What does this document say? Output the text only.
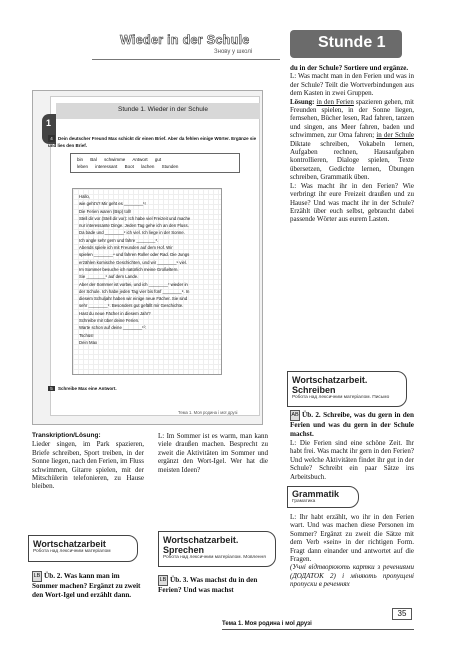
Wieder in der Schule
Знову у школі
Stunde 1
1
Stunde 1. Wieder in der Schule
4 Dein deutscher Freund Max schickt dir einen Brief. Aber da fehlen einige Wörter. Ergänze sie und lies den Brief.
bin Bal schwimme Antwort gut
leben interessant Boot lachen Stunden
Hallo,
wie geht's? Mir geht es ________¹!
Die Ferien waren (Bsp) toll!
Stell dir vor (Stell dir vor): Ich habe viel Freizeit und mache
nur interessante Dinge. Jeden Tag gehe ich an den Fluss.
Da bade und ________² ich viel. Ich liege in der Sonne.
Ich angle sehr gern und fahre ________³.
Abends spiele ich mit Freunden auf dem Hof. Wir
spielen ________⁴ und fahren Roller oder Rad. Die Jungs
erzählen komische Geschichten, und wir ________⁵ viel.
Im Sommer besuche ich natürlich meine Großeltern.
Sie ________⁶ auf dem Lande.
Aber der Sommer ist vorbei, und ich ________⁷ wieder in
der Schule. Ich habe jeden Tag vier bis fünf ________⁸. In
diesem Schuljahr haben wir einige neue Fächer. Sie sind
sehr ________⁹. Besonders gut gefällt mir Geschichte.
Hast du neue Fächer in diesem Jahr?
Schreibe mir über deine Ferien.
Warte schon auf deine ________¹⁰.
Tschüs!
Dein Max
5 Schreibe Max eine Antwort.
Тема 1. Моя родина і мої друзі
Transkription/Lösung:
Lieder singen, im Park spazieren, Briefe schreiben, Sport treiben, in der Sonne liegen, nach den Ferien, im Fluss schwimmen, Gitarre spielen, mit der Mitschülerin telefonieren, zu Hause bleiben.
L: Im Sommer ist es warm, man kann viele draußen machen. Besprecht zu zweit die Aktivitäten im Sommer und ergänzt den Wort-Igel. Wer hat die meisten Ideen?
Wortschatzarbeit
Робота над лексичним матеріалом
Wortschatzarbeit. Sprechen
Робота над лексичним матеріалом. Мовлення
LB Üb. 2. Was kann man im Sommer machen? Ergänzt zu zweit den Wort-Igel und erzählt dann.
LB Üb. 3. Was machst du in den Ferien? Und was machst
du in der Schule? Sortiere und ergänze.
L: Was macht man in den Ferien und was in der Schule? Teilt die Wortverbindungen aus dem Kasten in zwei Gruppen.
Lösung: in den Ferien spazieren gehen, mit Freunden spielen, in der Sonne liegen, fernsehen, Bücher lesen, Rad fahren, tanzen und singen, ans Meer fahren, baden und schwimmen, zur Oma fahren; in der Schule Diktate schreiben, Vokabeln lernen, Aufgaben rechnen, Hausaufgaben kontrollieren, Dialoge spielen, Texte übersetzen, Gedichte lernen, Übungen schreiben, Grammatik üben.
L: Was macht ihr in den Ferien? Wie verbringt ihr eure Freizeit draußen und zu Hause? Und was macht ihr in der Schule? Erzählt über euch selbst, gebraucht dabei passende Wörter aus eurem Lasten.
Wortschatzarbeit. Schreiben
Робота над лексичним матеріалом. Письмо
AB Üb. 2. Schreibe, was du gern in den Ferien und was du gern in der Schule machst.
L: Die Ferien sind eine schöne Zeit. Ihr habt frei. Was macht ihr gern in den Ferien? Und welche Aktivitäten findet ihr gut in der Schule? Schreibt ein paar Sätze ins Arbeitsbuch.
Grammatik
Граматика
L: Ihr habt erzählt, wo ihr in den Ferien wart. Und was machen diese Personen im Sommer? Ergänzt zu zweit die Sätze mit dem Verb «sein» in der richtigen Form. Fragt dann einander und antwortet auf die Fragen.
(Учні відтворюють картки з речениями (ДОДАТОК 2) і міняють пропущені пропуски в реченнях
35
Тема 1. Моя родина і мої друзі
